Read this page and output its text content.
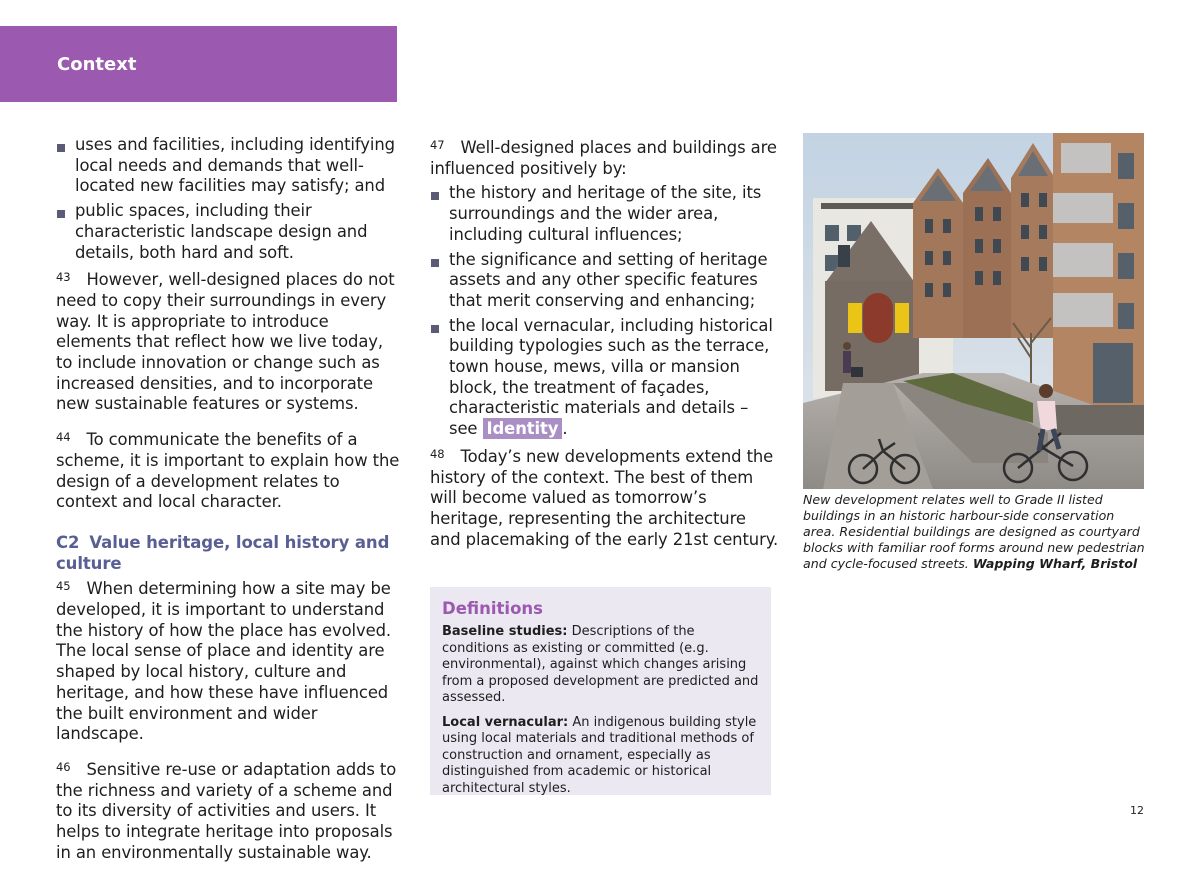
Context
uses and facilities, including identifying local needs and demands that well-located new facilities may satisfy; and
public spaces, including their characteristic landscape design and details, both hard and soft.

$^{43}$ However, well-designed places do not need to copy their surroundings in every way. It is appropriate to introduce elements that reflect how we live today, to include innovation or change such as increased densities, and to incorporate new sustainable features or systems.

$^{44}$ To communicate the benefits of a scheme, it is important to explain how the design of a development relates to context and local character.

C2 Value heritage, local history and culture

$^{45}$ When determining how a site may be developed, it is important to understand the history of how the place has evolved. The local sense of place and identity are shaped by local history, culture and heritage, and how these have influenced the built environment and wider landscape.

$^{46}$ Sensitive re-use or adaptation adds to the richness and variety of a scheme and to its diversity of activities and users. It helps to integrate heritage into proposals in an environmentally sustainable way.

$^{47}$ Well-designed places and buildings are influenced positively by:

the history and heritage of the site, its surroundings and the wider area, including cultural influences;
the significance and setting of heritage assets and any other specific features that merit conserving and enhancing;
the local vernacular, including historical building typologies such as the terrace, town house, mews, villa or mansion block, the treatment of façades, characteristic materials and details – see Identity .

$^{48}$ Today’s new developments extend the history of the context. The best of them will become valued as tomorrow’s heritage, representing the architecture and placemaking of the early 21st century.

Definitions
Baseline studies: Descriptions of the conditions as existing or committed (e.g. environmental), against which changes arising from a proposed development are predicted and assessed.
Local vernacular: An indigenous building style using local materials and traditional methods of construction and ornament, especially as distinguished from academic or historical architectural styles.
New development relates well to Grade II listed buildings in an historic harbour-side conservation area. Residential buildings are designed as courtyard blocks with familiar roof forms around new pedestrian and cycle-focused streets. Wapping Wharf, Bristol
12
